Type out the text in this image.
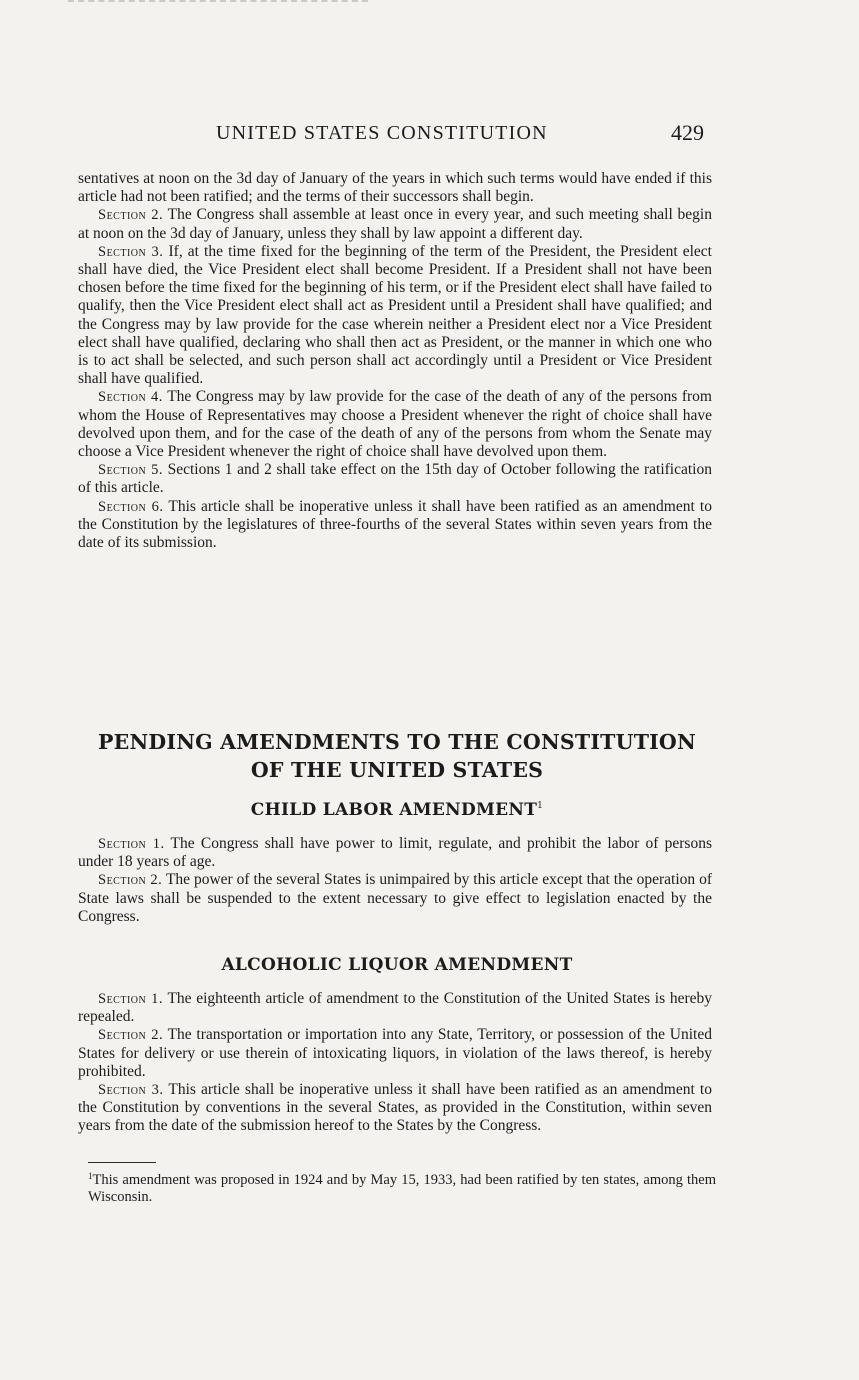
UNITED STATES CONSTITUTION	429

sentatives at noon on the 3d day of January of the years in which such terms would have ended if this article had not been ratified; and the terms of their successors shall begin.

Section 2. The Congress shall assemble at least once in every year, and such meeting shall begin at noon on the 3d day of January, unless they shall by law appoint a different day.

Section 3. If, at the time fixed for the beginning of the term of the President, the President elect shall have died, the Vice President elect shall become President. If a President shall not have been chosen before the time fixed for the beginning of his term, or if the President elect shall have failed to qualify, then the Vice President elect shall act as President until a President shall have qualified; and the Congress may by law provide for the case wherein neither a President elect nor a Vice President elect shall have qualified, declaring who shall then act as President, or the manner in which one who is to act shall be selected, and such person shall act accordingly until a President or Vice President shall have qualified.

Section 4. The Congress may by law provide for the case of the death of any of the persons from whom the House of Representatives may choose a President whenever the right of choice shall have devolved upon them, and for the case of the death of any of the persons from whom the Senate may choose a Vice President whenever the right of choice shall have devolved upon them.

Section 5. Sections 1 and 2 shall take effect on the 15th day of October following the ratification of this article.

Section 6. This article shall be inoperative unless it shall have been ratified as an amendment to the Constitution by the legislatures of three-fourths of the several States within seven years from the date of its submission.

PENDING AMENDMENTS TO THE CONSTITUTION OF THE UNITED STATES
CHILD LABOR AMENDMENT$^1$

Section 1. The Congress shall have power to limit, regulate, and prohibit the labor of persons under 18 years of age.

Section 2. The power of the several States is unimpaired by this article except that the operation of State laws shall be suspended to the extent necessary to give effect to legislation enacted by the Congress.

ALCOHOLIC LIQUOR AMENDMENT

Section 1. The eighteenth article of amendment to the Constitution of the United States is hereby repealed.

Section 2. The transportation or importation into any State, Territory, or possession of the United States for delivery or use therein of intoxicating liquors, in violation of the laws thereof, is hereby prohibited.

Section 3. This article shall be inoperative unless it shall have been ratified as an amendment to the Constitution by conventions in the several States, as provided in the Constitution, within seven years from the date of the submission hereof to the States by the Congress.

$^1$This amendment was proposed in 1924 and by May 15, 1933, had been ratified by ten states, among them Wisconsin.
